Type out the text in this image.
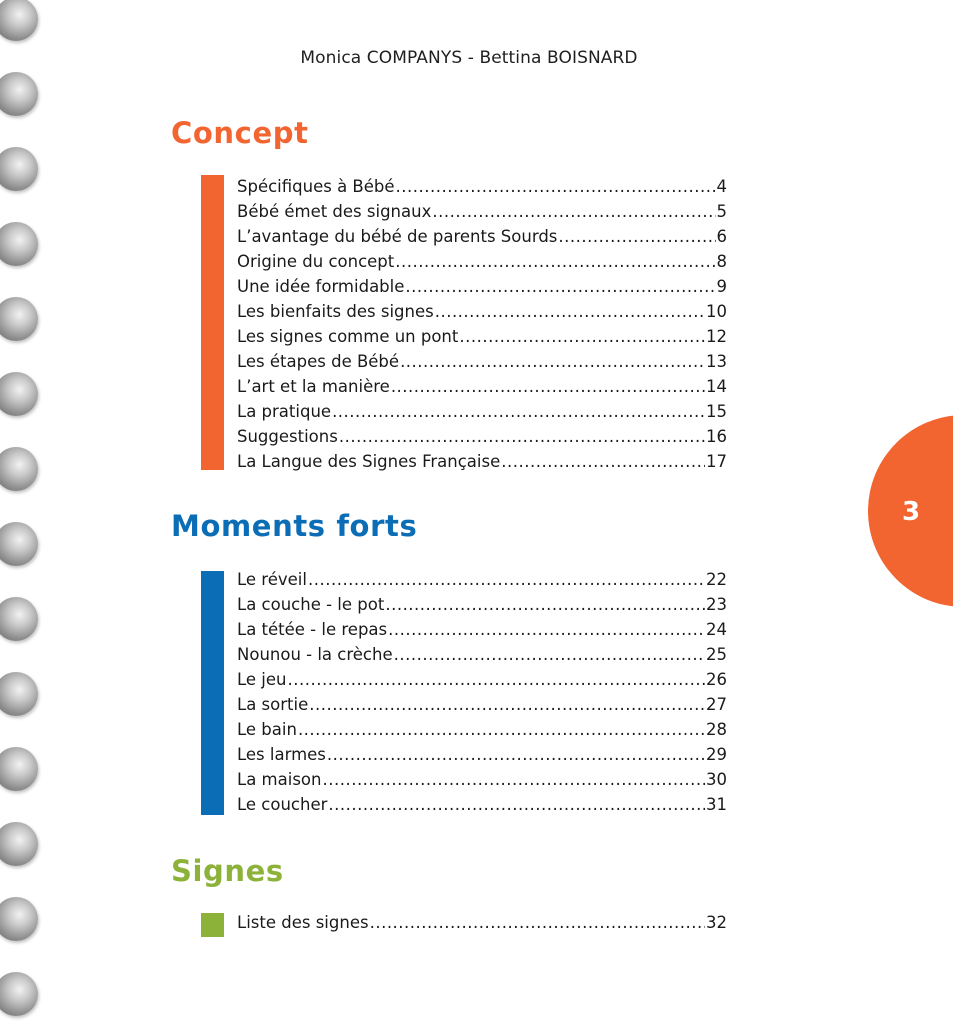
Monica COMPANYS - Bettina BOISNARD
Concept
Spécifiques à Bébé .....	4
Bébé émet des signaux .....	5
L’avantage du bébé de parents Sourds .....	6
Origine du concept .....	8
Une idée formidable .....	9
Les bienfaits des signes .....	10
Les signes comme un pont .....	12
Les étapes de Bébé .....	13
L’art et la manière .....	14
La pratique .....	15
Suggestions .....	16
La Langue des Signes Française .....	17
Moments forts
Le réveil .....	22
La couche - le pot .....	23
La tétée - le repas .....	24
Nounou - la crèche .....	25
Le jeu .....	26
La sortie .....	27
Le bain .....	28
Les larmes .....	29
La maison .....	30
Le coucher .....	31
Signes
Liste des signes .....	32
3
